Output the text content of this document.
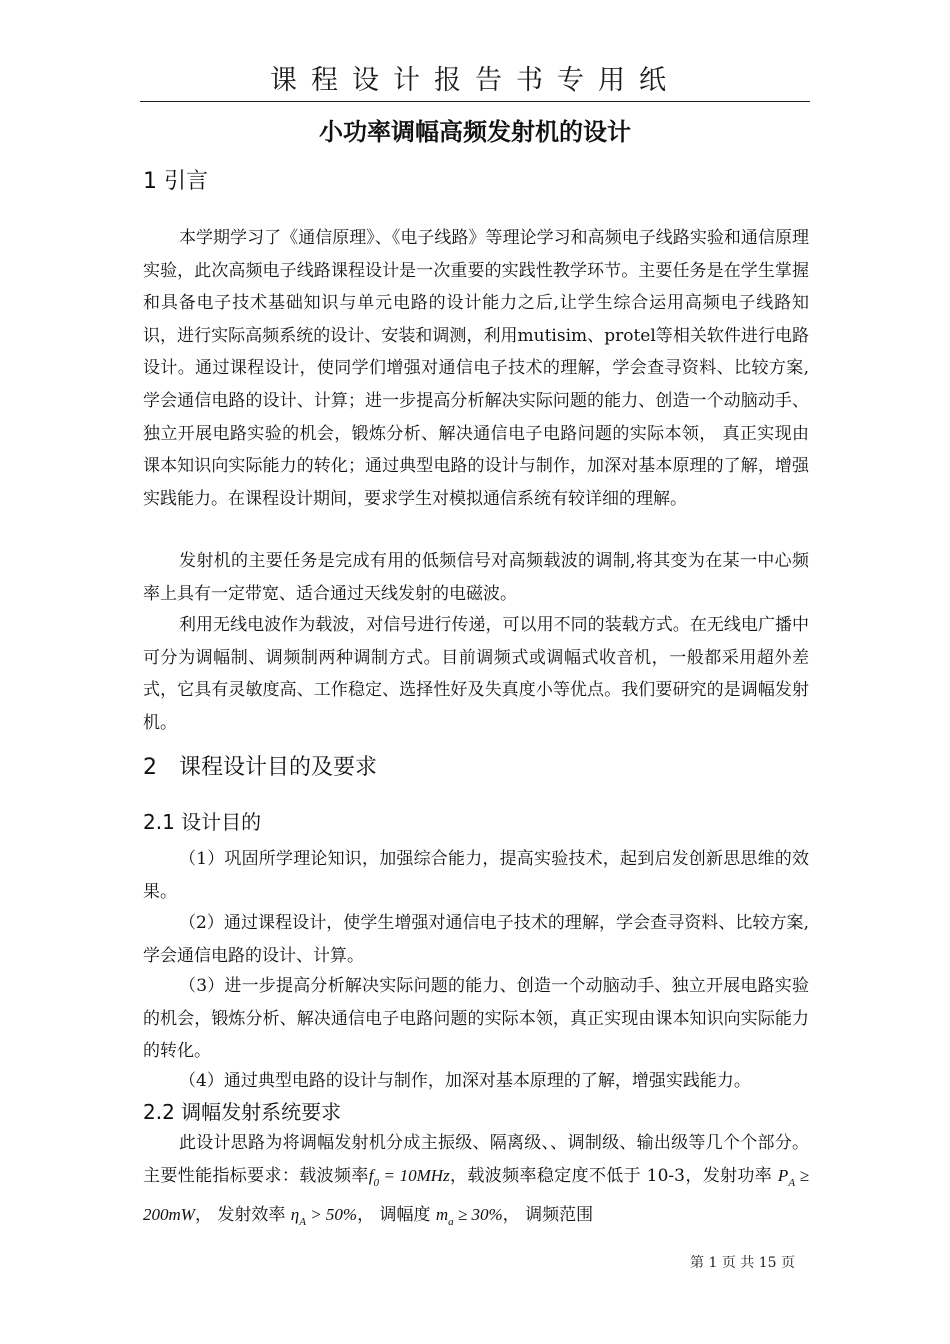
课程设计报告书专用纸
小功率调幅高频发射机的设计
1 引言

本学期学习了《通信原理》、《电子线路》等理论学习和高频电子线路实验和通信原理实验，此次高频电子线路课程设计是一次重要的实践性教学环节。主要任务是在学生掌握和具备电子技术基础知识与单元电路的设计能力之后,让学生综合运用高频电子线路知识，进行实际高频系统的设计、安装和调测，利用mutisim、protel等相关软件进行电路设计。通过课程设计，使同学们增强对通信电子技术的理解，学会查寻资料、比较方案,学会通信电路的设计、计算；进一步提高分析解决实际问题的能力、创造一个动脑动手、独立开展电路实验的机会，锻炼分析、解决通信电子电路问题的实际本领， 真正实现由课本知识向实际能力的转化；通过典型电路的设计与制作，加深对基本原理的了解，增强实践能力。在课程设计期间，要求学生对模拟通信系统有较详细的理解。

发射机的主要任务是完成有用的低频信号对高频载波的调制,将其变为在某一中心频率上具有一定带宽、适合通过天线发射的电磁波。

利用无线电波作为载波，对信号进行传递，可以用不同的装载方式。在无线电广播中可分为调幅制、调频制两种调制方式。目前调频式或调幅式收音机，一般都采用超外差式，它具有灵敏度高、工作稳定、选择性好及失真度小等优点。我们要研究的是调幅发射机。

2　课程设计目的及要求
2.1 设计目的

（1）巩固所学理论知识，加强综合能力，提高实验技术，起到启发创新思思维的效果。

（2）通过课程设计，使学生增强对通信电子技术的理解，学会查寻资料、比较方案,学会通信电路的设计、计算。

（3）进一步提高分析解决实际问题的能力、创造一个动脑动手、独立开展电路实验的机会，锻炼分析、解决通信电子电路问题的实际本领，真正实现由课本知识向实际能力的转化。

（4）通过典型电路的设计与制作，加深对基本原理的了解，增强实践能力。

2.2 调幅发射系统要求

此设计思路为将调幅发射机分成主振级、隔离级、、调制级、输出级等几个个部分。主要性能指标要求：载波频率$f_0 = 10MHz$，载波频率稳定度不低于 10-3，发射功率 $P_A \ge 200mW$， 发射效率 $\eta_A > 50\%$， 调幅度 $m_a \ge 30\%$， 调频范围

第 1 页 共 15 页
